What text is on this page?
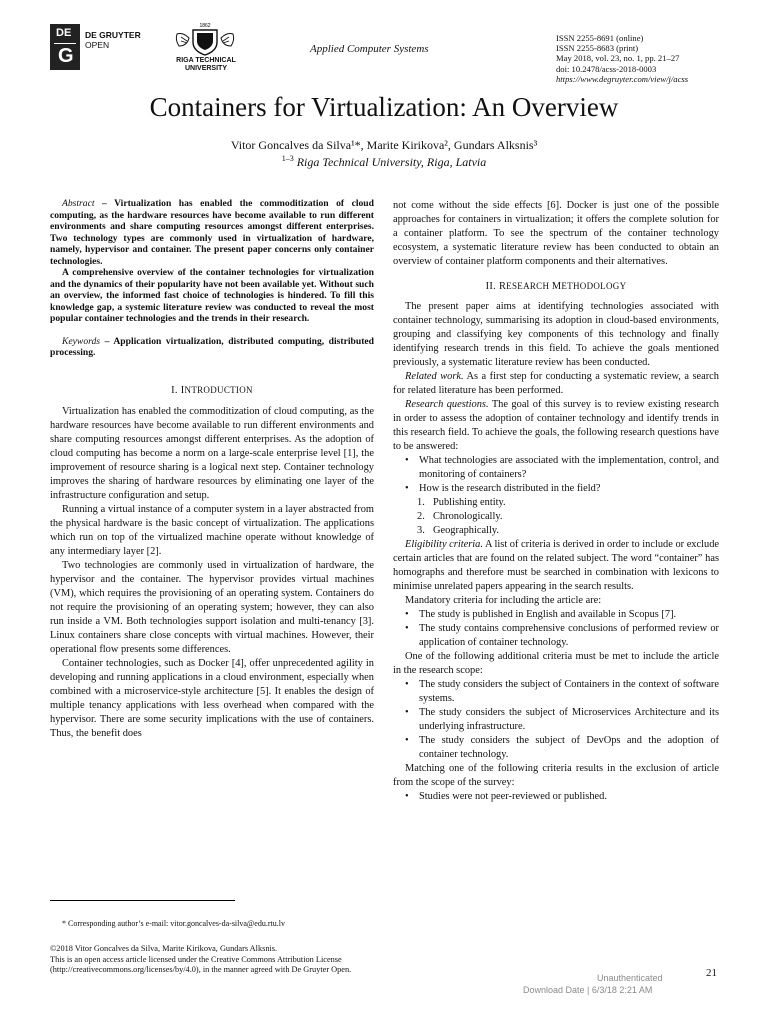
DE
G
DE GRUYTER
OPEN
1862
RIGA TECHNICAL
UNIVERSITY
Applied Computer Systems
ISSN 2255-8691 (online)
ISSN 2255-8683 (print)
May 2018, vol. 23, no. 1, pp. 21–27
doi: 10.2478/acss-2018-0003
https://www.degruyter.com/view/j/acss
Containers for Virtualization: An Overview
Vitor Goncalves da Silva¹*, Marite Kirikova², Gundars Alksnis³
$^{1-3}$ Riga Technical University, Riga, Latvia

Abstract – Virtualization has enabled the commoditization of cloud computing, as the hardware resources have become available to run different environments and share computing resources amongst different enterprises. Two technology types are commonly used in virtualization of hardware, namely, hypervisor and container. The present paper concerns only container technologies.

A comprehensive overview of the container technologies for virtualization and the dynamics of their popularity have not been available yet. Without such an overview, the informed fast choice of technologies is hindered. To fill this knowledge gap, a systemic literature review was conducted to reveal the most popular container technologies and the trends in their research.

Keywords – Application virtualization, distributed computing, distributed processing.

I. INTRODUCTION

Virtualization has enabled the commoditization of cloud computing, as the hardware resources have become available to run different environments and share computing resources amongst different enterprises. As the adoption of cloud computing has become a norm on a large-scale enterprise level [1], the improvement of resource sharing is a logical next step. Container technology improves the sharing of hardware resources by eliminating one layer of the infrastructure configuration and setup.

Running a virtual instance of a computer system in a layer abstracted from the physical hardware is the basic concept of virtualization. The applications which run on top of the virtualized machine operate without knowledge of any intermediary layer [2].

Two technologies are commonly used in virtualization of hardware, the hypervisor and the container. The hypervisor provides virtual machines (VM), which requires the provisioning of an operating system. Containers do not require the provisioning of an operating system; however, they can also run inside a VM. Both technologies support isolation and multi-tenancy [3]. Linux containers share close concepts with virtual machines. However, their operational flow presents some differences.

Container technologies, such as Docker [4], offer unprecedented agility in developing and running applications in a cloud environment, especially when combined with a microservice-style architecture [5]. It enables the design of multiple tenancy applications with less overhead when compared with the hypervisor. There are some security implications with the use of containers. Thus, the benefit does

not come without the side effects [6]. Docker is just one of the possible approaches for containers in virtualization; it offers the complete solution for a container platform. To see the spectrum of the container technology ecosystem, a systematic literature review has been conducted to obtain an overview of container platform components and their alternatives.

II. RESEARCH METHODOLOGY

The present paper aims at identifying technologies associated with container technology, summarising its adoption in cloud-based environments, grouping and classifying key components of this technology and finally identifying research trends in this field. To achieve the goals mentioned previously, a systematic literature review has been conducted.

Related work. As a first step for conducting a systematic review, a search for related literature has been performed.

Research questions. The goal of this survey is to review existing research in order to assess the adoption of container technology and identify trends in this research field. To achieve the goals, the following research questions have to be answered:

• What technologies are associated with the implementation, control, and monitoring of containers?
• How is the research distributed in the field?
1. Publishing entity.
2. Chronologically.
3. Geographically.

Eligibility criteria. A list of criteria is derived in order to include or exclude certain articles that are found on the related subject. The word “container” has homographs and therefore must be searched in combination with lexicons to minimise unrelated papers appearing in the search results.

Mandatory criteria for including the article are:

• The study is published in English and available in Scopus [7].
• The study contains comprehensive conclusions of performed review or application of container technology.

One of the following additional criteria must be met to include the article in the research scope:

• The study considers the subject of Containers in the context of software systems.
• The study considers the subject of Microservices Architecture and its underlying infrastructure.
• The study considers the subject of DevOps and the adoption of container technology.

Matching one of the following criteria results in the exclusion of article from the scope of the survey:

• Studies were not peer-reviewed or published.
* Corresponding author’s e-mail: vitor.goncalves-da-silva@edu.rtu.lv
©2018 Vitor Goncalves da Silva, Marite Kirikova, Gundars Alksnis.
This is an open access article licensed under the Creative Commons Attribution License
(http://creativecommons.org/licenses/by/4.0), in the manner agreed with De Gruyter Open.	21
Unauthenticated
Download Date | 6/3/18 2:21 AM
